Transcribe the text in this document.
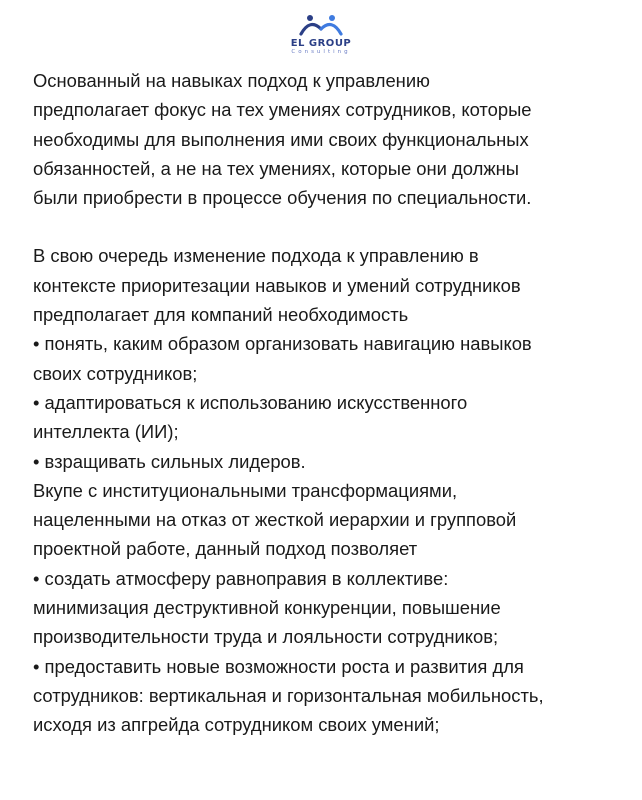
EL GROUP
Consulting

Основанный на навыках подход к управлению

предполагает фокус на тех умениях сотрудников, которые

необходимы для выполнения ими своих функциональных

обязанностей, а не на тех умениях, которые они должны

были приобрести в процессе обучения по специальности.

В свою очередь изменение подхода к управлению в

контексте приоритезации навыков и умений сотрудников

предполагает для компаний необходимость

• понять, каким образом организовать навигацию навыков

своих сотрудников;

• адаптироваться к использованию искусственного

интеллекта (ИИ);

• взращивать сильных лидеров.

Вкупе с институциональными трансформациями,

нацеленными на отказ от жесткой иерархии и групповой

проектной работе, данный подход позволяет

• создать атмосферу равноправия в коллективе:

минимизация деструктивной конкуренции, повышение

производительности труда и лояльности сотрудников;

• предоставить новые возможности роста и развития для

сотрудников: вертикальная и горизонтальная мобильность,

исходя из апгрейда сотрудником своих умений;
